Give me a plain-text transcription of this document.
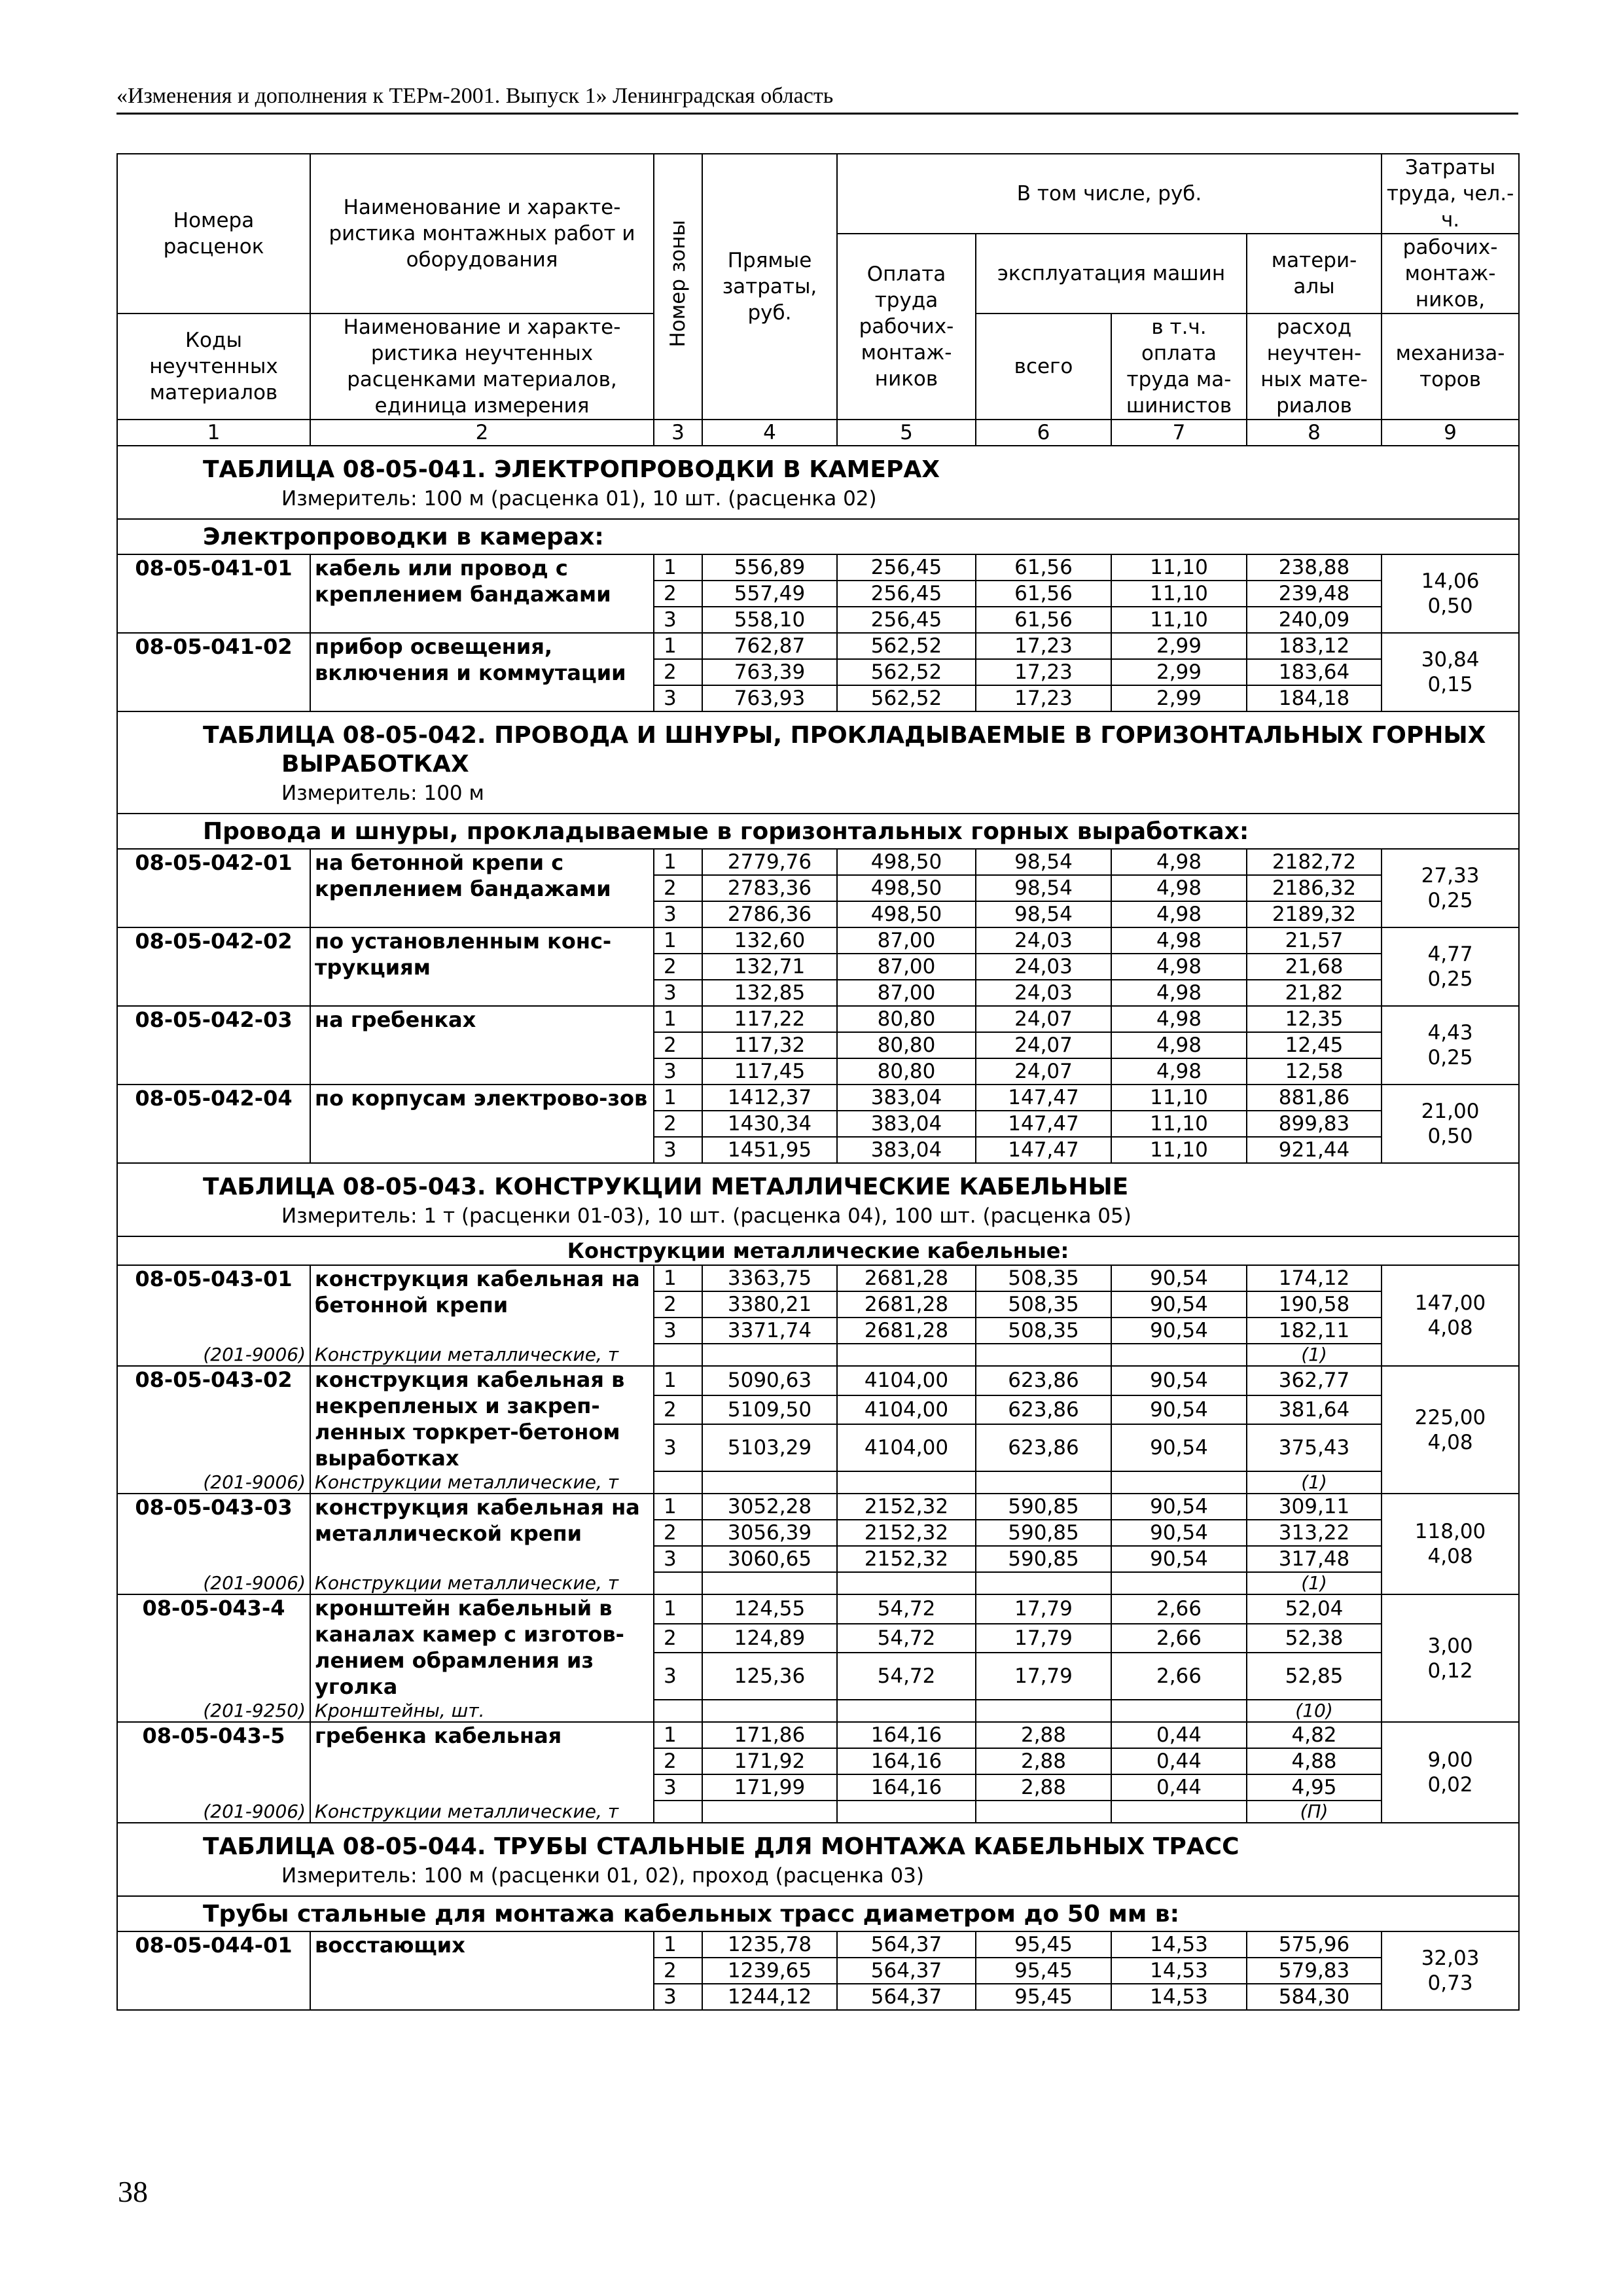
«Изменения и дополнения к ТЕРм-2001. Выпуск 1» Ленинградская область
Номера расценок	Наименование и характе-ристика монтажных работ и оборудования	Номер зоны	Прямые затраты, руб.	В том числе, руб.				Затраты труда, чел.-ч.
				Оплата труда рабочих-монтаж-ников	эксплуатация машин		матери-алы	рабочих-монтаж-ников,
Коды неучтенных материалов	Наименование и характе-ристика неучтенных расценками материалов, единица измерения				всего	в т.ч. оплата труда ма-шинистов	расход неучтен-ных мате-риалов	механиза-торов

1	2	3	4	5	6	7	8	9
ТАБЛИЦА 08-05-041. ЭЛЕКТРОПРОВОДКИ В КАМЕРАХ								
Измеритель: 100 м (расценка 01), 10 шт. (расценка 02)								
Электропроводки в камерах:								
08-05-041-01	кабель или провод с креплением бандажами	1	556,89	256,45	61,56	11,10	238,88	14,06
0,50

		2	557,49	256,45	61,56	11,10	239,48	
		3	558,10	256,45	61,56	11,10	240,09	
08-05-041-02	прибор освещения, включения и коммутации	1	762,87	562,52	17,23	2,99	183,12	30,84
0,15

		2	763,39	562,52	17,23	2,99	183,64	
		3	763,93	562,52	17,23	2,99	184,18	
ТАБЛИЦА 08-05-042. ПРОВОДА И ШНУРЫ, ПРОКЛАДЫВАЕМЫЕ В ГОРИЗОНТАЛЬНЫХ ГОРНЫХ ВЫРАБОТКАХ								
Измеритель: 100 м								
Провода и шнуры, прокладываемые в горизонтальных горных выработках:								
08-05-042-01	на бетонной крепи с креплением бандажами	1	2779,76	498,50	98,54	4,98	2182,72	27,33
0,25

		2	2783,36	498,50	98,54	4,98	2186,32	
		3	2786,36	498,50	98,54	4,98	2189,32	
08-05-042-02	по установленным конс-трукциям	1	132,60	87,00	24,03	4,98	21,57	4,77
0,25

		2	132,71	87,00	24,03	4,98	21,68	
		3	132,85	87,00	24,03	4,98	21,82	
08-05-042-03	на гребенках	1	117,22	80,80	24,07	4,98	12,35	4,43
0,25

		2	117,32	80,80	24,07	4,98	12,45	
		3	117,45	80,80	24,07	4,98	12,58	
08-05-042-04	по корпусам электрово-зов	1	1412,37	383,04	147,47	11,10	881,86	21,00
0,50

		2	1430,34	383,04	147,47	11,10	899,83	
		3	1451,95	383,04	147,47	11,10	921,44	
ТАБЛИЦА 08-05-043. КОНСТРУКЦИИ МЕТАЛЛИЧЕСКИЕ КАБЕЛЬНЫЕ								
Измеритель: 1 т (расценки 01-03), 10 шт. (расценка 04), 100 шт. (расценка 05)								
Конструкции металлические кабельные:								
08-05-043-01	конструкция кабельная на бетонной крепи	1	3363,75	2681,28	508,35	90,54	174,12	147,00
4,08

		2	3380,21	2681,28	508,35	90,54	190,58	
		3	3371,74	2681,28	508,35	90,54	182,11	
(201-9006)	Конструкции металлические, т						(1)	
08-05-043-02	конструкция кабельная в некрепленых и закреп-ленных торкрет-бетоном выработках	1	5090,63	4104,00	623,86	90,54	362,77	225,00
4,08

		2	5109,50	4104,00	623,86	90,54	381,64	
		3	5103,29	4104,00	623,86	90,54	375,43	
(201-9006)	Конструкции металлические, т						(1)	
08-05-043-03	конструкция кабельная на металлической крепи	1	3052,28	2152,32	590,85	90,54	309,11	118,00
4,08

		2	3056,39	2152,32	590,85	90,54	313,22	
		3	3060,65	2152,32	590,85	90,54	317,48	
(201-9006)	Конструкции металлические, т						(1)	
08-05-043-4	кронштейн кабельный в каналах камер с изготов-лением обрамления из уголка	1	124,55	54,72	17,79	2,66	52,04	3,00
0,12

		2	124,89	54,72	17,79	2,66	52,38	
		3	125,36	54,72	17,79	2,66	52,85	
(201-9250)	Кронштейны, шт.						(10)	
08-05-043-5	гребенка кабельная	1	171,86	164,16	2,88	0,44	4,82	9,00
0,02

		2	171,92	164,16	2,88	0,44	4,88	
		3	171,99	164,16	2,88	0,44	4,95	
(201-9006)	Конструкции металлические, т						(П)	
ТАБЛИЦА 08-05-044. ТРУБЫ СТАЛЬНЫЕ ДЛЯ МОНТАЖА КАБЕЛЬНЫХ ТРАСС								
Измеритель: 100 м (расценки 01, 02), проход (расценка 03)								
Трубы стальные для монтажа кабельных трасс диаметром до 50 мм в:								
08-05-044-01	восстающих	1	1235,78	564,37	95,45	14,53	575,96	32,03
0,73

		2	1239,65	564,37	95,45	14,53	579,83	
		3	1244,12	564,37	95,45	14,53	584,30	
38
